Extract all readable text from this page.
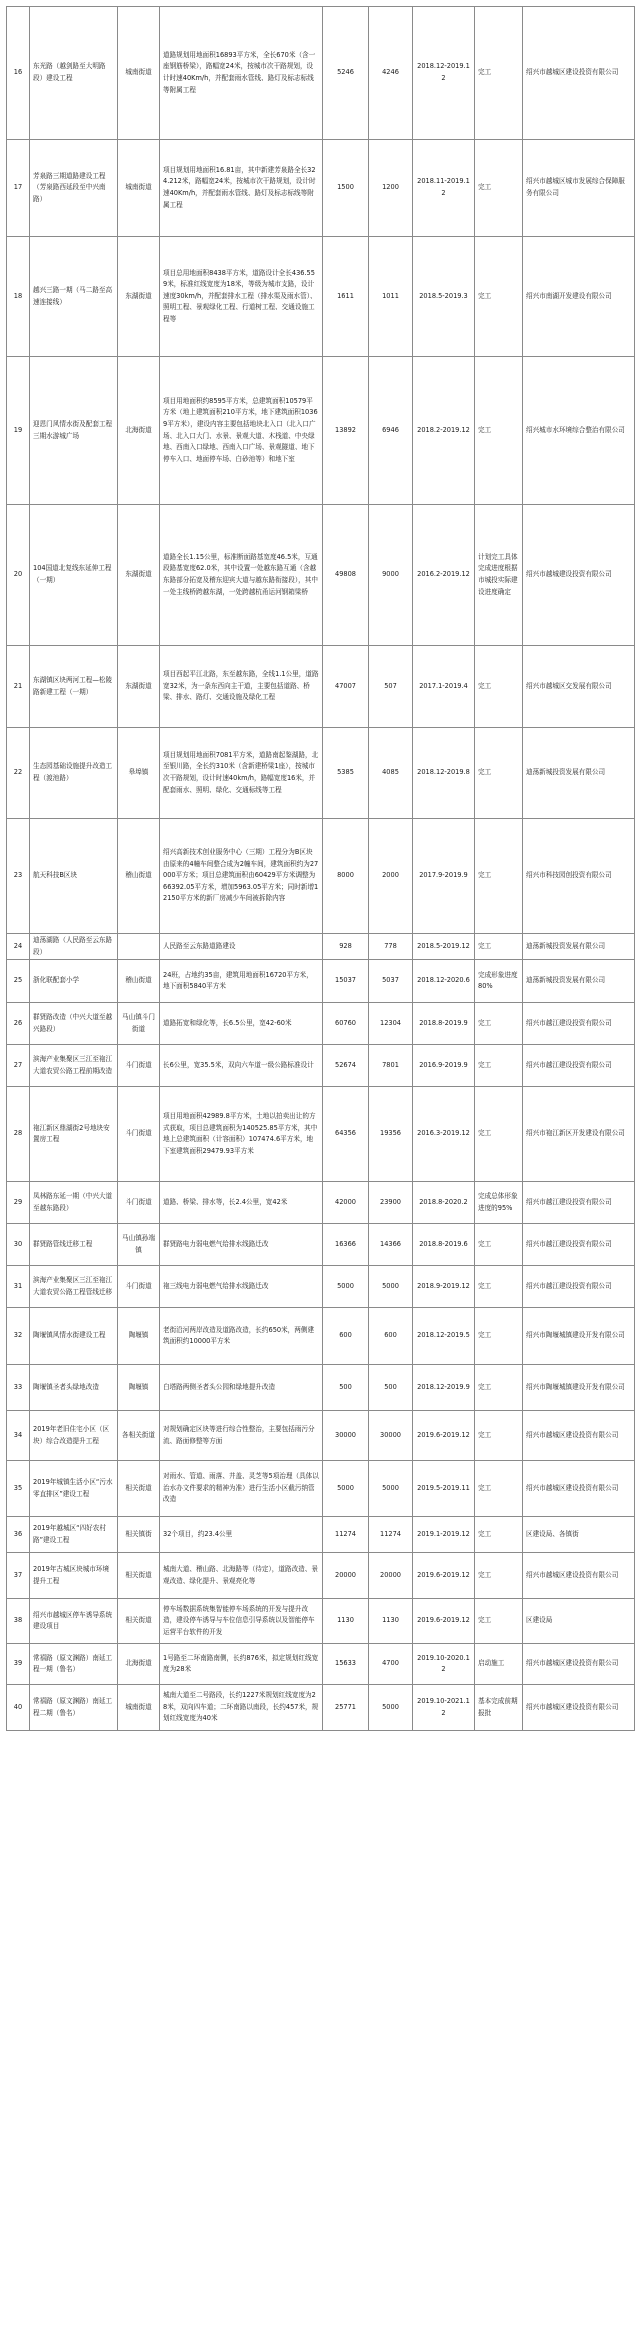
16	东光路（越剑路至大明路段）建设工程	城南街道	道路规划用地面积16893平方米，全长670米（含一座钢筋桥梁），路幅宽24米，按城市次干路规划，设计时速40Km/h，并配套雨水管线、路灯及标志标线等附属工程	5246	4246	2018.12-2019.12	完工	绍兴市越城区建设投资有限公司
17	芳泉路三期道路建设工程（芳泉路西延段至中兴南路）	城南街道	项目规划用地面积16.81亩，其中新建芳泉路全长324.212米，路幅宽24米，按城市次干路规划，设计时速40Km/h，并配套雨水管线、路灯及标志标线等附属工程	1500	1200	2018.11-2019.12	完工	绍兴市越城区城市发展综合保障服务有限公司
18	越兴三路一期（马二路至高速连接线）	东湖街道	项目总用地面积8438平方米，道路设计全长436.559米，标准红线宽度为18米，等级为城市支路，设计速度30km/h，并配套排水工程（排水渠及雨水管）、照明工程、景观绿化工程、行道树工程、交通设施工程等	1611	1011	2018.5-2019.3	完工	绍兴市南湖开发建设有限公司
19	迎恩门风情水街及配套工程三期水游城广场	北海街道	项目用地面积约8595平方米，总建筑面积10579平方米（地上建筑面积210平方米，地下建筑面积10369平方米），建设内容主要包括地块北入口（北入口广场、北入口大门、水景、景观大道、木栈道、中央绿地、西南入口绿地、西南入口广场、景观隧道、地下停车入口、地面停车场、白砂池等）和地下室	13892	6946	2018.2-2019.12	完工	绍兴城市水环境综合整治有限公司
20	104国道北复线东延伸工程（一期）	东湖街道	道路全长1.15公里，标准断面路基宽度46.5米，互通段路基宽度62.0米，其中设置一处越东路互通（含越东路部分拓宽及稽东迎宾大道与越东路衔接段），其中一处主线桥跨越东湖，一处跨越杭甬运河钢箱梁桥	49808	9000	2016.2-2019.12	计划完工具体完成进度根据市城投实际建设进度确定	绍兴市越城建设投资有限公司
21	东湖镇区块两河工程—松陵路新建工程（一期）	东湖街道	项目西起平江北路，东至越东路，全线1.1公里，道路宽32米，为一条东西向主干道，主要包括道路、桥梁、排水、路灯、交通设施及绿化工程	47007	507	2017.1-2019.4	完工	绍兴市越城区交发展有限公司
22	生态园基础设施提升改造工程（渡池路）	皋埠镇	项目规划用地面积7081平方米，道路南起鉴湖路，北至银川路，全长约310米（含新建桥梁1座），按城市次干路规划，设计时速40km/h，路幅宽度16米，并配套雨水、照明、绿化、交通标线等工程	5385	4085	2018.12-2019.8	完工	迪荡新城投资发展有限公司
23	航天科技B区块	稽山街道	绍兴高新技术创业服务中心（三期）工程分为B区块由原来的4幢车间整合成为2幢车间，建筑面积约为27000平方米；项目总建筑面积由60429平方米调整为66392.05平方米，增加5963.05平方米；同时新增12150平方米的新厂房减少车间被拆除内容	8000	2000	2017.9-2019.9	完工	绍兴市科技园创投资有限公司
24	迪荡湖路（人民路至云东路段）		人民路至云东路道路建设	928	778	2018.5-2019.12	完工	迪荡新城投资发展有限公司
25	浙化联配套小学	稽山街道	24班，占地约35亩，建筑用地面积16720平方米，地下面积5840平方米	15037	5037	2018.12-2020.6	完成形象进度80%	迪荡新城投资发展有限公司
26	群贤路改造（中兴大道至越兴路段）	马山镇斗门街道	道路拓宽和绿化等，长6.5公里，宽42-60米	60760	12304	2018.8-2019.9	完工	绍兴市越江建设投资有限公司
27	滨海产业集聚区三江至袍江大道农贸公路工程前期改造	斗门街道	长6公里，宽35.5米，双向六车道一级公路标准设计	52674	7801	2016.9-2019.9	完工	绍兴市越江建设投资有限公司
28	袍江新区鼎湖街2号地块安置房工程	斗门街道	项目用地面积42989.8平方米，土地以拍卖出让的方式获取，项目总建筑面积为140525.85平方米，其中地上总建筑面积（计容面积）107474.6平方米，地下室建筑面积29479.93平方米	64356	19356	2016.3-2019.12	完工	绍兴市袍江新区开发建设有限公司
29	凤林路东延一期（中兴大道至越东路段）	斗门街道	道路、桥梁、排水等，长2.4公里，宽42米	42000	23900	2018.8-2020.2	完成总体形象进度的95%	绍兴市越江建设投资有限公司
30	群贤路管线迁移工程	马山镇孙端镇	群贤路电力弱电燃气给排水线路迁改	16366	14366	2018.8-2019.6	完工	绍兴市越江建设投资有限公司
31	滨海产业集聚区三江至袍江大道农贸公路工程管线迁移	斗门街道	袍三线电力弱电燃气给排水线路迁改	5000	5000	2018.9-2019.12	完工	绍兴市越江建设投资有限公司
32	陶堰镇风情水街建设工程	陶堰镇	老街沿河两岸改造及道路改造，长约650米，两侧建筑面积约10000平方米	600	600	2018.12-2019.5	完工	绍兴市陶堰城镇建设开发有限公司
33	陶堰镇圣者头绿地改造	陶堰镇	白塔路两侧圣者头公园和绿地提升改造	500	500	2018.12-2019.9	完工	绍兴市陶堰城镇建设开发有限公司
34	2019年老旧住宅小区（区块）综合改造提升工程	各相关街道	对规划确定区块等进行综合性整治，主要包括雨污分流、路面修整等方面	30000	30000	2019.6-2019.12	完工	绍兴市越城区建设投资有限公司
35	2019年城镇生活小区“污水零直排区”建设工程	相关街道	对雨水、管道、雨落、井盖、灵芝等5项治理（具体以治水办文件要求的精神为准）进行生活小区截污纳管改造	5000	5000	2019.5-2019.11	完工	绍兴市越城区建设投资有限公司
36	2019年越城区“四好农村路”建设工程	相关镇街	32个项目，约23.4公里	11274	11274	2019.1-2019.12	完工	区建设局、各镇街
37	2019年古城区块城市环境提升工程	相关街道	城南大道、稽山路、北海路等（待定），道路改造、景观改造、绿化提升、景观亮化等	20000	20000	2019.6-2019.12	完工	绍兴市越城区建设投资有限公司
38	绍兴市越城区停车诱导系统建设项目	相关街道	停车场数据系统集智能停车场系统的开发与提升改造，建设停车诱导与车位信息引导系统以及智能停车运营平台软件的开发	1130	1130	2019.6-2019.12	完工	区建设局
39	常禧路（原文渊路）南延工程一期（鲁名）	北海街道	1号路至二环南路南侧，长约876米，拟定规划红线宽度为28米	15633	4700	2019.10-2020.12	启动施工	绍兴市越城区建设投资有限公司
40	常禧路（原文渊路）南延工程二期（鲁名）	城南街道	城南大道至二号路段，长约1227米规划红线宽度为28米，双向四车道；二环南路以南段，长约457米，规划红线宽度为40米	25771	5000	2019.10-2021.12	基本完成前期报批	绍兴市越城区建设投资有限公司
